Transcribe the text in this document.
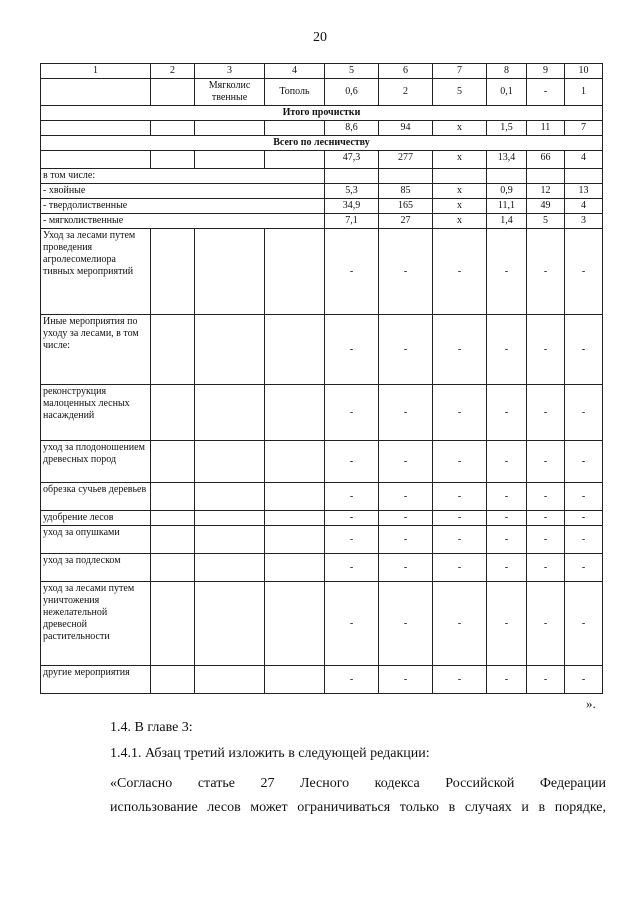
20
1	2	3	4	5	6	7	8	9	10
		Мягколис твенные	Тополь	0,6	2	5	0,1	-	1
Итого прочистки									
				8,6	94	х	1,5	11	7
Всего по лесничеству									
				47,3	277	х	13,4	66	4
в том числе:									
- хвойные				5,3	85	х	0,9	12	13
- твердолиственные				34,9	165	х	11,1	49	4
- мягколиственные				7,1	27	х	1,4	5	3
Уход за лесами путем проведения агролесомелиора тивных мероприятий				-	-	-	-	-	-
Иные мероприятия по уходу за лесами, в том числе:				-	-	-	-	-	-
реконструкция малоценных лесных насаждений				-	-	-	-	-	-
уход за плодоношением древесных пород				-	-	-	-	-	-
обрезка сучьев деревьев				-	-	-	-	-	-
удобрение лесов				-	-	-	-	-	-
уход за опушками				-	-	-	-	-	-
уход за подлеском				-	-	-	-	-	-
уход за лесами путем уничтожения нежелательной древесной растительности				-	-	-	-	-	-
другие мероприятия				-	-	-	-	-	-
».
1.4. В главе 3:
1.4.1. Абзац третий изложить в следующей редакции:
«Согласно статье 27 Лесного кодекса Российской Федерации
использование лесов может ограничиваться только в случаях и в порядке,
